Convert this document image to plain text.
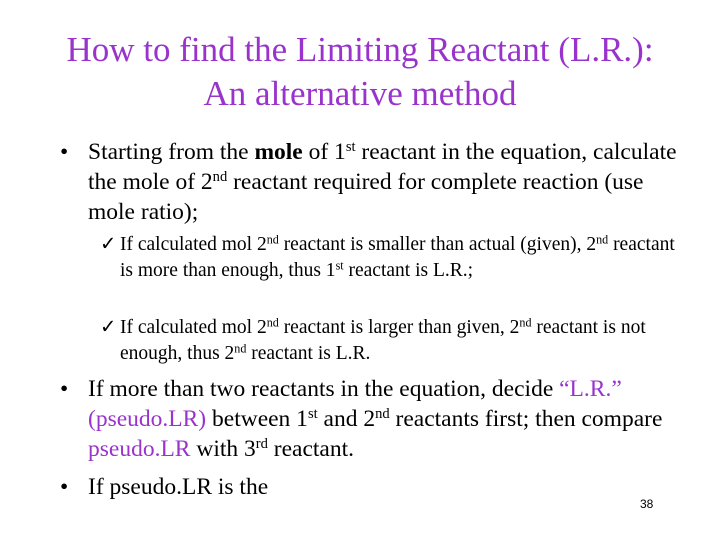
How to find the Limiting Reactant (L.R.):
An alternative method
• Starting from the mole of 1st reactant in the equation, calculate the mole of 2nd reactant required for complete reaction (use mole ratio);
✓ If calculated mol 2nd reactant is smaller than actual (given), 2nd reactant is more than enough, thus 1st reactant is L.R.;
✓ If calculated mol 2nd reactant is larger than given, 2nd reactant is not enough, thus 2nd reactant is L.R.
• If more than two reactants in the equation, decide “L.R.” (pseudo.LR) between 1st and 2nd reactants first; then compare pseudo.LR with 3rd reactant.
• If pseudo.LR is the
38
